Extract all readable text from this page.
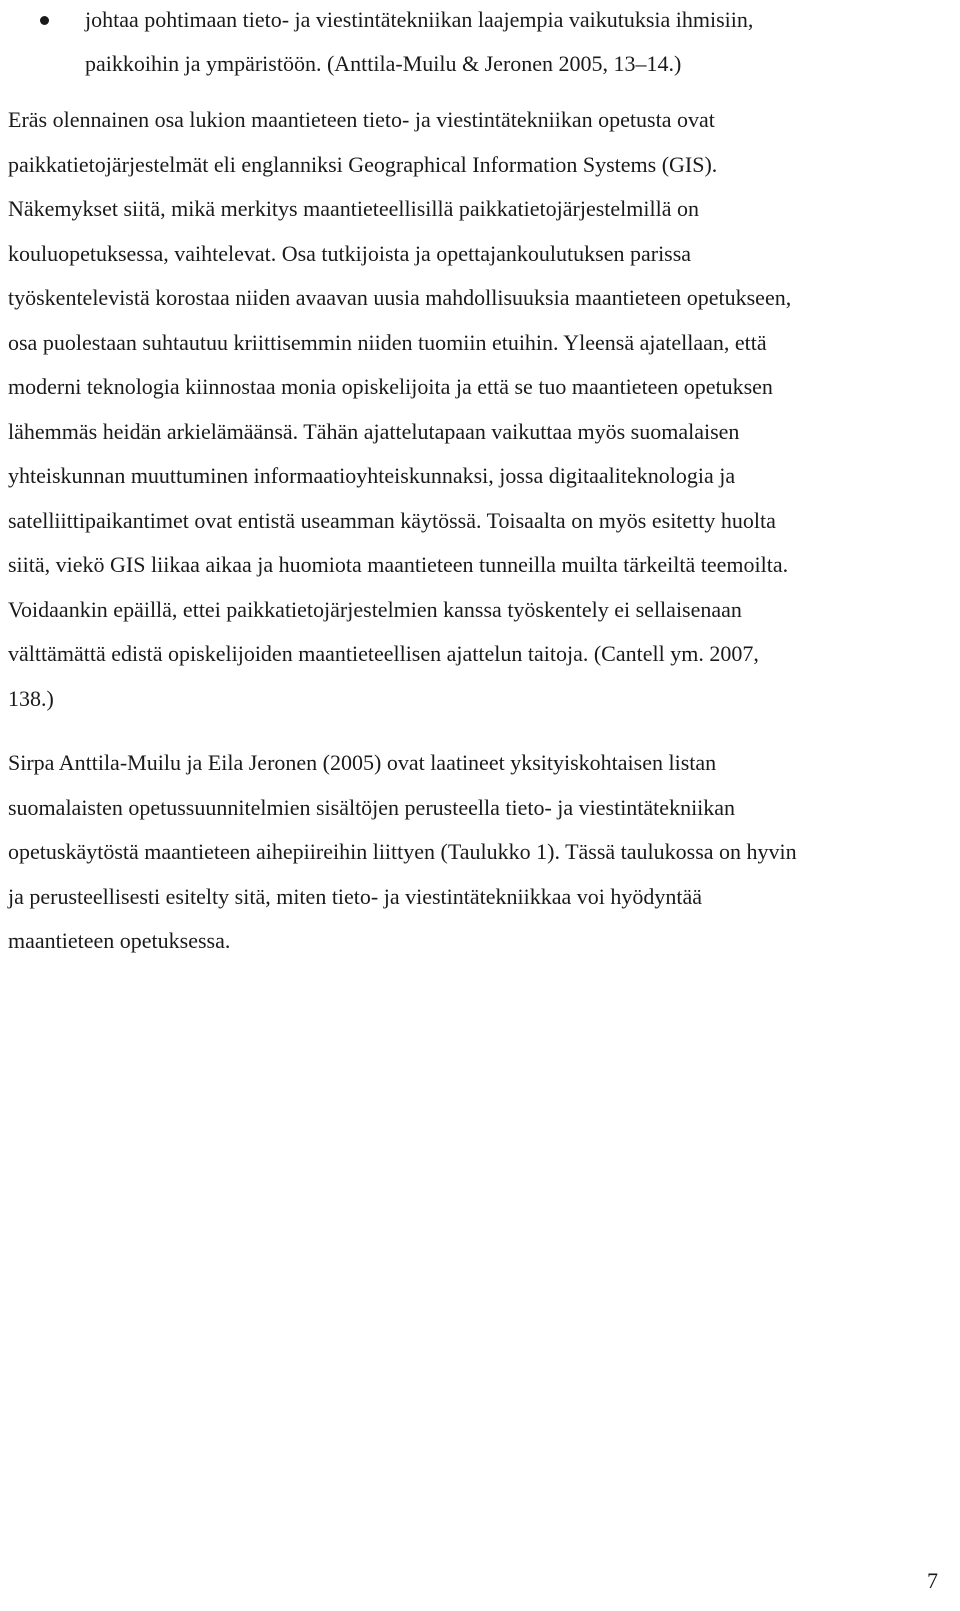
johtaa pohtimaan tieto- ja viestintätekniikan laajempia vaikutuksia ihmisiin,
paikkoihin ja ympäristöön. (Anttila-Muilu & Jeronen 2005, 13–14.)
Eräs olennainen osa lukion maantieteen tieto- ja viestintätekniikan opetusta ovat
paikkatietojärjestelmät eli englanniksi Geographical Information Systems (GIS).
Näkemykset siitä, mikä merkitys maantieteellisillä paikkatietojärjestelmillä on
kouluopetuksessa, vaihtelevat. Osa tutkijoista ja opettajankoulutuksen parissa
työskentelevistä korostaa niiden avaavan uusia mahdollisuuksia maantieteen opetukseen,
osa puolestaan suhtautuu kriittisemmin niiden tuomiin etuihin. Yleensä ajatellaan, että
moderni teknologia kiinnostaa monia opiskelijoita ja että se tuo maantieteen opetuksen
lähemmäs heidän arkielämäänsä. Tähän ajattelutapaan vaikuttaa myös suomalaisen
yhteiskunnan muuttuminen informaatioyhteiskunnaksi, jossa digitaaliteknologia ja
satelliittipaikantimet ovat entistä useamman käytössä. Toisaalta on myös esitetty huolta
siitä, viekö GIS liikaa aikaa ja huomiota maantieteen tunneilla muilta tärkeiltä teemoilta.
Voidaankin epäillä, ettei paikkatietojärjestelmien kanssa työskentely ei sellaisenaan
välttämättä edistä opiskelijoiden maantieteellisen ajattelun taitoja. (Cantell ym. 2007,
138.)
Sirpa Anttila-Muilu ja Eila Jeronen (2005) ovat laatineet yksityiskohtaisen listan
suomalaisten opetussuunnitelmien sisältöjen perusteella tieto- ja viestintätekniikan
opetuskäytöstä maantieteen aihepiireihin liittyen (Taulukko 1). Tässä taulukossa on hyvin
ja perusteellisesti esitelty sitä, miten tieto- ja viestintätekniikkaa voi hyödyntää
maantieteen opetuksessa.
7
